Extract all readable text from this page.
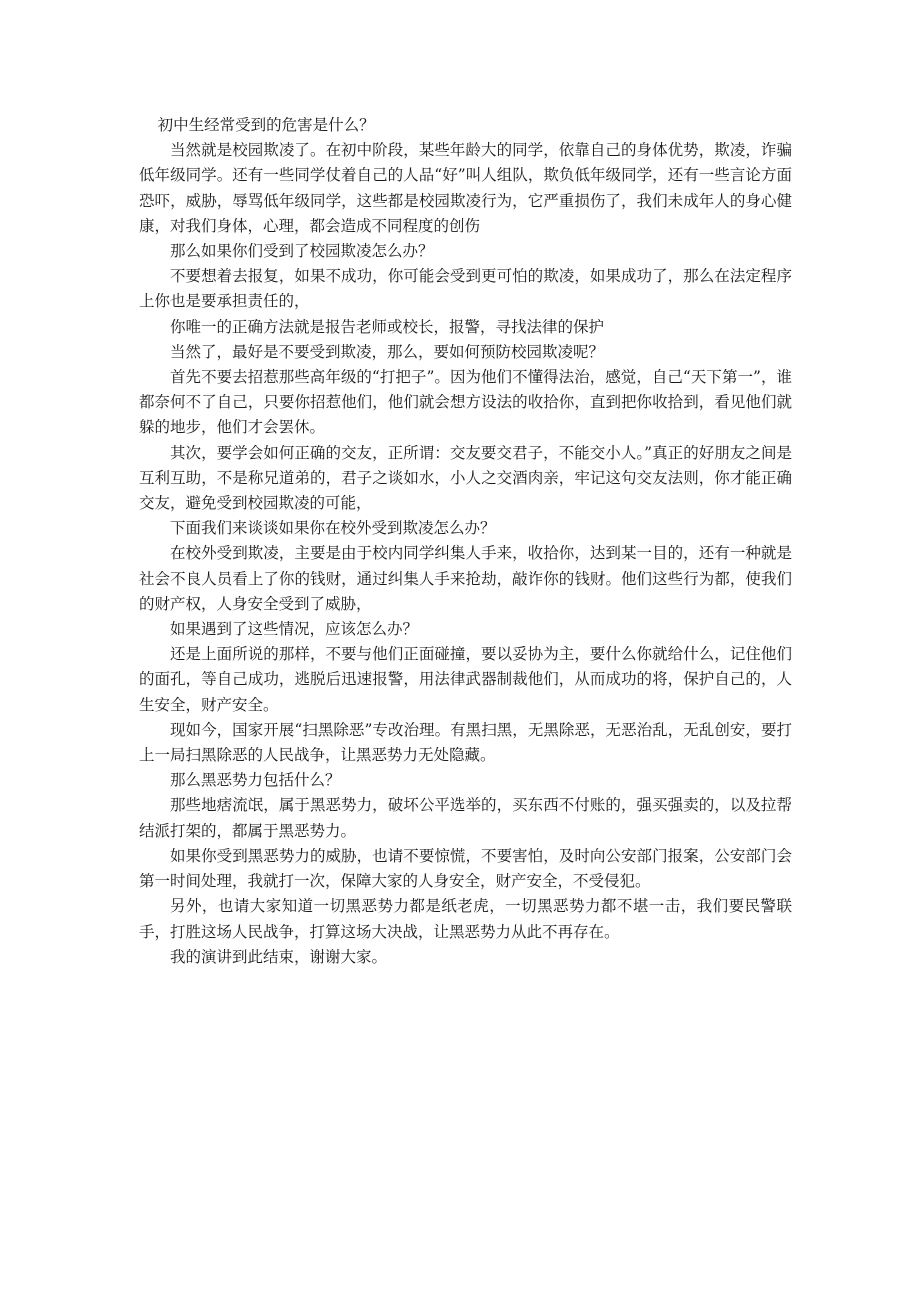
初中生经常受到的危害是什么？

当然就是校园欺凌了。在初中阶段，某些年龄大的同学，依靠自己的身体优势，欺凌，诈骗低年级同学。还有一些同学仗着自己的人品“好”叫人组队，欺负低年级同学，还有一些言论方面恐吓，威胁，辱骂低年级同学，这些都是校园欺凌行为，它严重损伤了，我们未成年人的身心健康，对我们身体，心理，都会造成不同程度的创伤

那么如果你们受到了校园欺凌怎么办？

不要想着去报复，如果不成功，你可能会受到更可怕的欺凌，如果成功了，那么在法定程序上你也是要承担责任的，

你唯一的正确方法就是报告老师或校长，报警，寻找法律的保护

当然了，最好是不要受到欺凌，那么，要如何预防校园欺凌呢？

首先不要去招惹那些高年级的“打把子”。因为他们不懂得法治，感觉，自己“天下第一”，谁都奈何不了自己，只要你招惹他们，他们就会想方设法的收拾你，直到把你收拾到，看见他们就躲的地步，他们才会罢休。

其次，要学会如何正确的交友，正所谓：交友要交君子，不能交小人。”真正的好朋友之间是互利互助，不是称兄道弟的，君子之谈如水，小人之交酒肉亲，牢记这句交友法则，你才能正确交友，避免受到校园欺凌的可能，

下面我们来谈谈如果你在校外受到欺凌怎么办？

在校外受到欺凌，主要是由于校内同学纠集人手来，收拾你，达到某一目的，还有一种就是社会不良人员看上了你的钱财，通过纠集人手来抢劫，敲诈你的钱财。他们这些行为都，使我们的财产权，人身安全受到了威胁，

如果遇到了这些情况，应该怎么办？

还是上面所说的那样，不要与他们正面碰撞，要以妥协为主，要什么你就给什么，记住他们的面孔，等自己成功，逃脱后迅速报警，用法律武器制裁他们，从而成功的将，保护自己的，人生安全，财产安全。

现如今，国家开展“扫黑除恶”专改治理。有黑扫黑，无黑除恶，无恶治乱，无乱创安，要打上一局扫黑除恶的人民战争，让黑恶势力无处隐藏。

那么黑恶势力包括什么？

那些地痞流氓，属于黑恶势力，破坏公平选举的，买东西不付账的，强买强卖的，以及拉帮结派打架的，都属于黑恶势力。

如果你受到黑恶势力的威胁，也请不要惊慌，不要害怕，及时向公安部门报案，公安部门会第一时间处理，我就打一次，保障大家的人身安全，财产安全，不受侵犯。

另外，也请大家知道一切黑恶势力都是纸老虎，一切黑恶势力都不堪一击，我们要民警联手，打胜这场人民战争，打算这场大决战，让黑恶势力从此不再存在。

我的演讲到此结束，谢谢大家。
